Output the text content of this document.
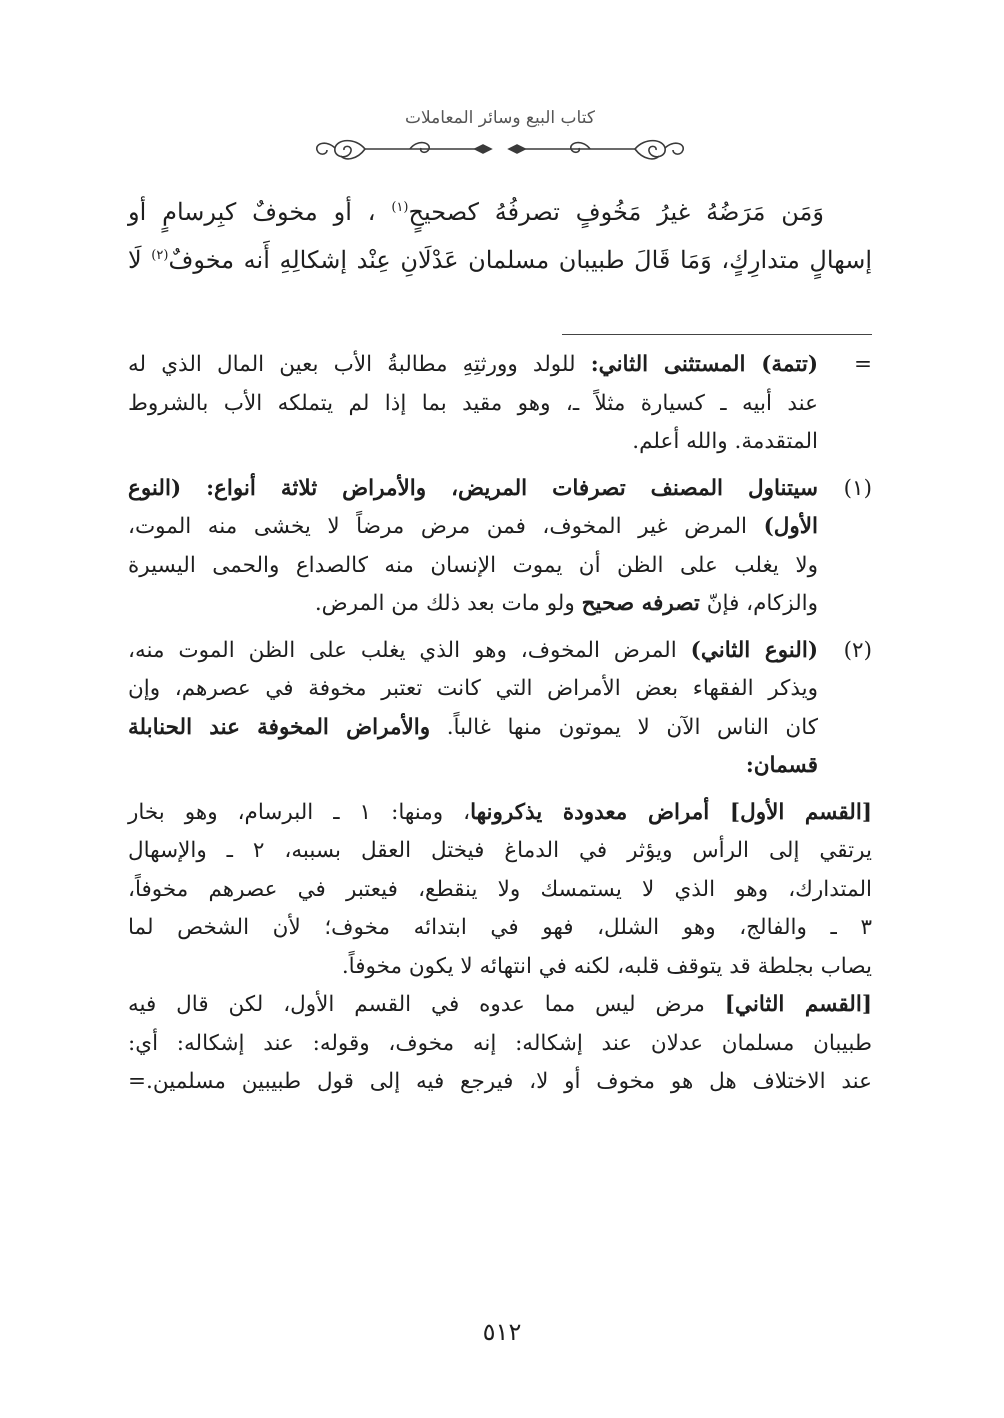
كتاب البيع وسائر المعاملات
وَمَن مَرَضُهُ غيرُ مَخُوفٍ تصرفُهُ كصحيحٍ$^{(١)}$ ، أو مخوفٌ كبِرسامٍ أو
إسهالٍ متدارِكٍ، وَمَا قَالَ طبيبان مسلمان عَدْلَانِ عِنْد إشكالِهِ أَنه مخوفٌ$^{(٢)}$ لَا
=
(تتمة) المستثنى الثاني: للولد وورثتِهِ مطالبةُ الأب بعين المال الذي له
عند أبيه ـ كسيارة مثلاً ـ، وهو مقيد بما إذا لم يتملكه الأب بالشروط
المتقدمة. والله أعلم.
(١)
سيتناول المصنف تصرفات المريض، والأمراض ثلاثة أنواع: (النوع
الأول) المرض غير المخوف، فمن مرض مرضاً لا يخشى منه الموت،
ولا يغلب على الظن أن يموت الإنسان منه كالصداع والحمى اليسيرة
والزكام، فإنّ تصرفه صحيح ولو مات بعد ذلك من المرض.
(٢)
(النوع الثاني) المرض المخوف، وهو الذي يغلب على الظن الموت منه،
ويذكر الفقهاء بعض الأمراض التي كانت تعتبر مخوفة في عصرهم، وإن
كان الناس الآن لا يموتون منها غالباً. والأمراض المخوفة عند الحنابلة
قسمان:
[القسم الأول] أمراض معدودة يذكرونها، ومنها: ١ ـ البرسام، وهو بخار
يرتقي إلى الرأس ويؤثر في الدماغ فيختل العقل بسببه، ٢ ـ والإسهال
المتدارك، وهو الذي لا يستمسك ولا ينقطع، فيعتبر في عصرهم مخوفاً،
٣ ـ والفالج، وهو الشلل، فهو في ابتدائه مخوف؛ لأن الشخص لما
يصاب بجلطة قد يتوقف قلبه، لكنه في انتهائه لا يكون مخوفاً.
[القسم الثاني] مرض ليس مما عدوه في القسم الأول، لكن قال فيه
طبيبان مسلمان عدلان عند إشكاله: إنه مخوف، وقوله: عند إشكاله: أي:
عند الاختلاف هل هو مخوف أو لا، فيرجع فيه إلى قول طبيبين مسلمين.=
٥١٢
